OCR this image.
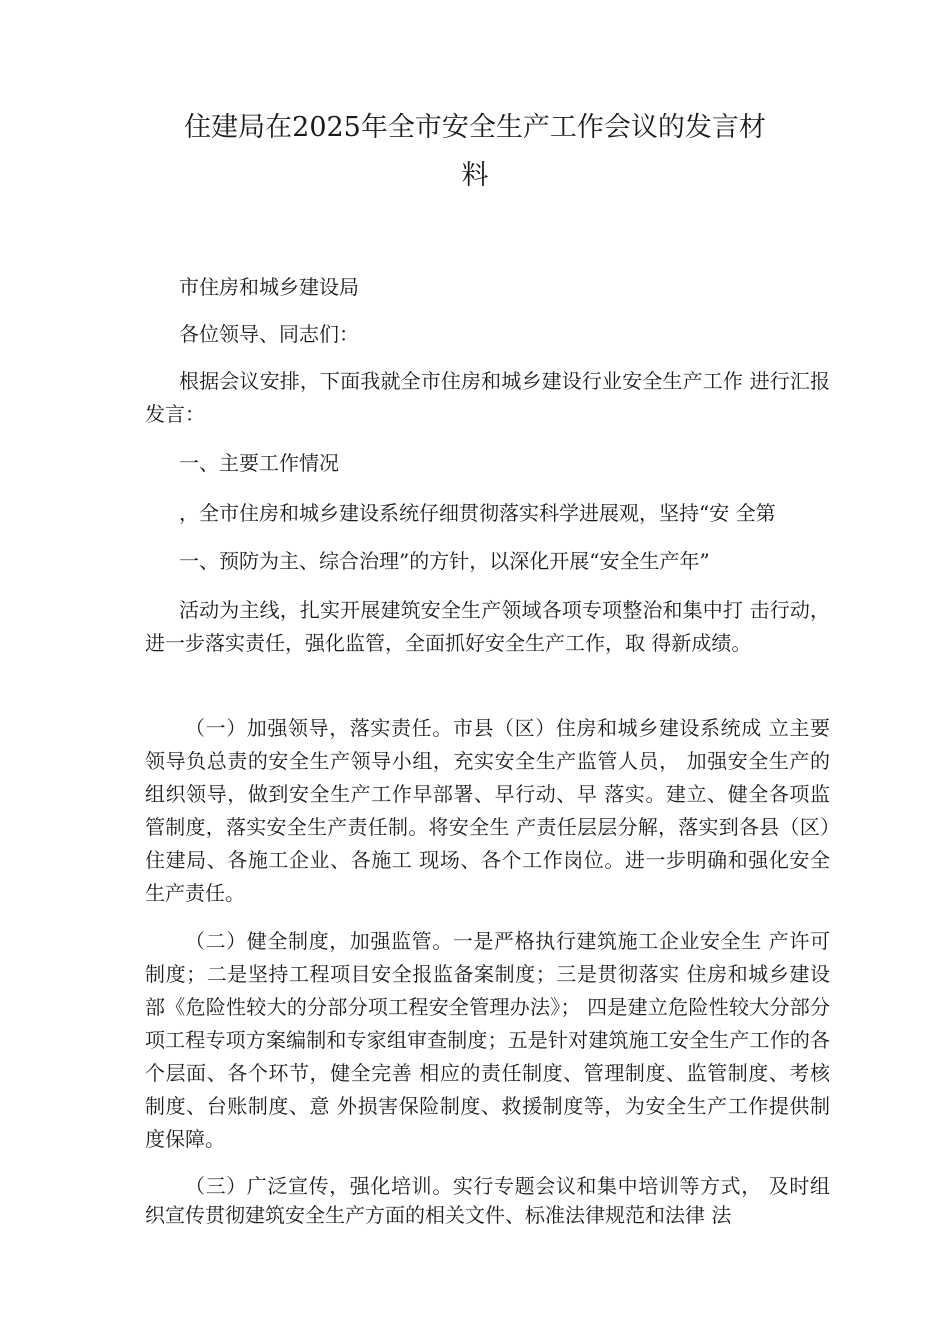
住建局在2025年全市安全生产工作会议的发言材
料

市住房和城乡建设局

各位领导、同志们：

根据会议安排，下面我就全市住房和城乡建设行业安全生产工作 进行汇报发言：

一、主要工作情况

，全市住房和城乡建设系统仔细贯彻落实科学进展观，坚持“安 全第

一、预防为主、综合治理”的方针，以深化开展“安全生产年”

活动为主线，扎实开展建筑安全生产领域各项专项整治和集中打 击行动，进一步落实责任，强化监管，全面抓好安全生产工作，取 得新成绩。

（一）加强领导，落实责任。市县（区）住房和城乡建设系统成 立主要领导负总责的安全生产领导小组，充实安全生产监管人员， 加强安全生产的组织领导，做到安全生产工作早部署、早行动、早 落实。建立、健全各项监管制度，落实安全生产责任制。将安全生 产责任层层分解，落实到各县（区）住建局、各施工企业、各施工 现场、各个工作岗位。进一步明确和强化安全生产责任。

（二）健全制度，加强监管。一是严格执行建筑施工企业安全生 产许可制度；二是坚持工程项目安全报监备案制度；三是贯彻落实 住房和城乡建设部《危险性较大的分部分项工程安全管理办法》； 四是建立危险性较大分部分项工程专项方案编制和专家组审查制度；五是针对建筑施工安全生产工作的各个层面、各个环节，健全完善 相应的责任制度、管理制度、监管制度、考核制度、台账制度、意 外损害保险制度、救援制度等，为安全生产工作提供制度保障。

（三）广泛宣传，强化培训。实行专题会议和集中培训等方式， 及时组织宣传贯彻建筑安全生产方面的相关文件、标准法律规范和法律 法
